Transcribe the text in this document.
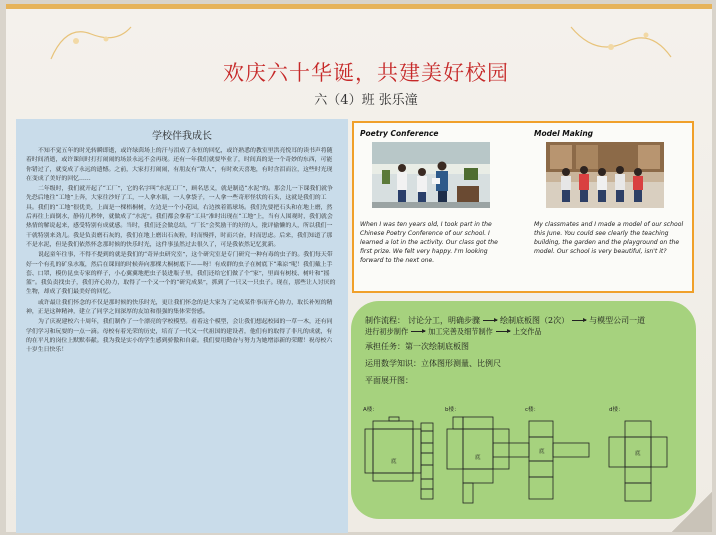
欢庆六十华诞，共建美好校园
六（4）班 张乐潼
学校伴我成长

不知不觉五年的时光转瞬即逝，或许绿茵场上的汗与泪成了永恒的回忆，或许熟悉的教室里洪亮悦耳的读书声将随着时间消逝，或许课间时打打闹闹的场景永远不会再现。还有一年我们就要毕业了，时间真的是一个奇妙的东西，可能你错过了，就变成了永远的遗憾。之前，大家打打闹闹，有朋友有“敌人”，有时欢天喜地，有时含泪而泣，这些时光现在变成了美好的回忆……

二年级时，我们就开起了“工厂”，它的名字叫“水泥工厂”，顾名思义，就是制造“水泥”的。那会儿一下课我们就争先恐后地往“工地”上奔，大家往沙好了工，一人拿水瓶，一人拿袋子，一人拿一些奇形怪状的石头，这就是我们的工具。我们的“工地”很优美，上面是一棵梧桐树，左边是一个小花园，右边挨着篮球场。我们先要把石头和在地上磨，然后再往上面倒水，静待几秒钟，就做成了“水泥”。我们都会拿着“工具”准时出现在“工地”上，当有人围观时，我们就会热情的解说起来，感受特别有成就感。当时，我们还会做总结，“厂长”会奖励干的好的人，批评偷懒的人，所以我们一干就特别来劲儿。我是负责磨石灰的，我们在地上磨出石灰粉，时而慢拌，时而兴奋，时而思虑。后来，我们知道了那不是水泥，但是我们依然怀念那时候的快乐时光，这件事虽然过去很久了，可是我依然记忆犹新。

说起童年往事，不得不提到的就是我们的“奇异虫研究室”，这个研究室是专门研究一种有毒的虫子的。我们每天带好一个有孔的矿泉水瓶，然后在课间的时候奔向那棵大桐树底下——呀！有成群的虫子在树底下“乘凉”呢！我们戴上手套、口罩，模仿昆虫专家的样子，小心翼翼地把虫子装进瓶子里，我们还给它们做了个“家”，里面有树枝、树叶和“摇篮”。我负责找虫子，我们齐心协力，取得了一个又一个的“研究成果”，抓到了一只又一只虫子。现在，那些让人讨厌的生物，却成了我们最美好的回忆。

或许最让我们怀念的不仅是那时候的快乐时光，更让我们怀念的是大家为了完成某件事而齐心协力，取长补短的精神，正是这种精神，建立了同学之间深厚的友谊和很强的集体荣誉感。

为了庆祝建校六十周年，我们制作了一个漂亮的学校模型。看着这个模型，会让我们想起校园的一草一木，还有同学们学习和玩耍的一点一滴。母校有着光荣的历史，培育了一代又一代祖国的建设者，他们有的取得了非凡的成就，有的在平凡的岗位上默默奉献。我为我是实小的学生感到骄傲和自豪。我们要用勤奋与努力为她增添新的荣耀！祝母校六十岁生日快乐！

Poetry Conference
When I was ten years old, I took part in the Chinese Poetry Conference of our school. I learned a lot in the activity. Our class got the first prize. We felt very happy. I'm looking forward to the next one.
Model Making
My classmates and I made a model of our school this June. You could see clearly the teaching building, the garden and the playground on the model. Our school is very beautiful, isn't it?
制作流程： 讨论分工，明确步骤	绘制底板图（2次）	与模型公司一道
进行初步制作	加工完善及细节制作	上交作品
承担任务：第一次绘制底板图
运用数学知识：立体图形测量、比例尺
平面展开图：
A楼：	b楼：	c楼：	d楼：
底
底
底	底
